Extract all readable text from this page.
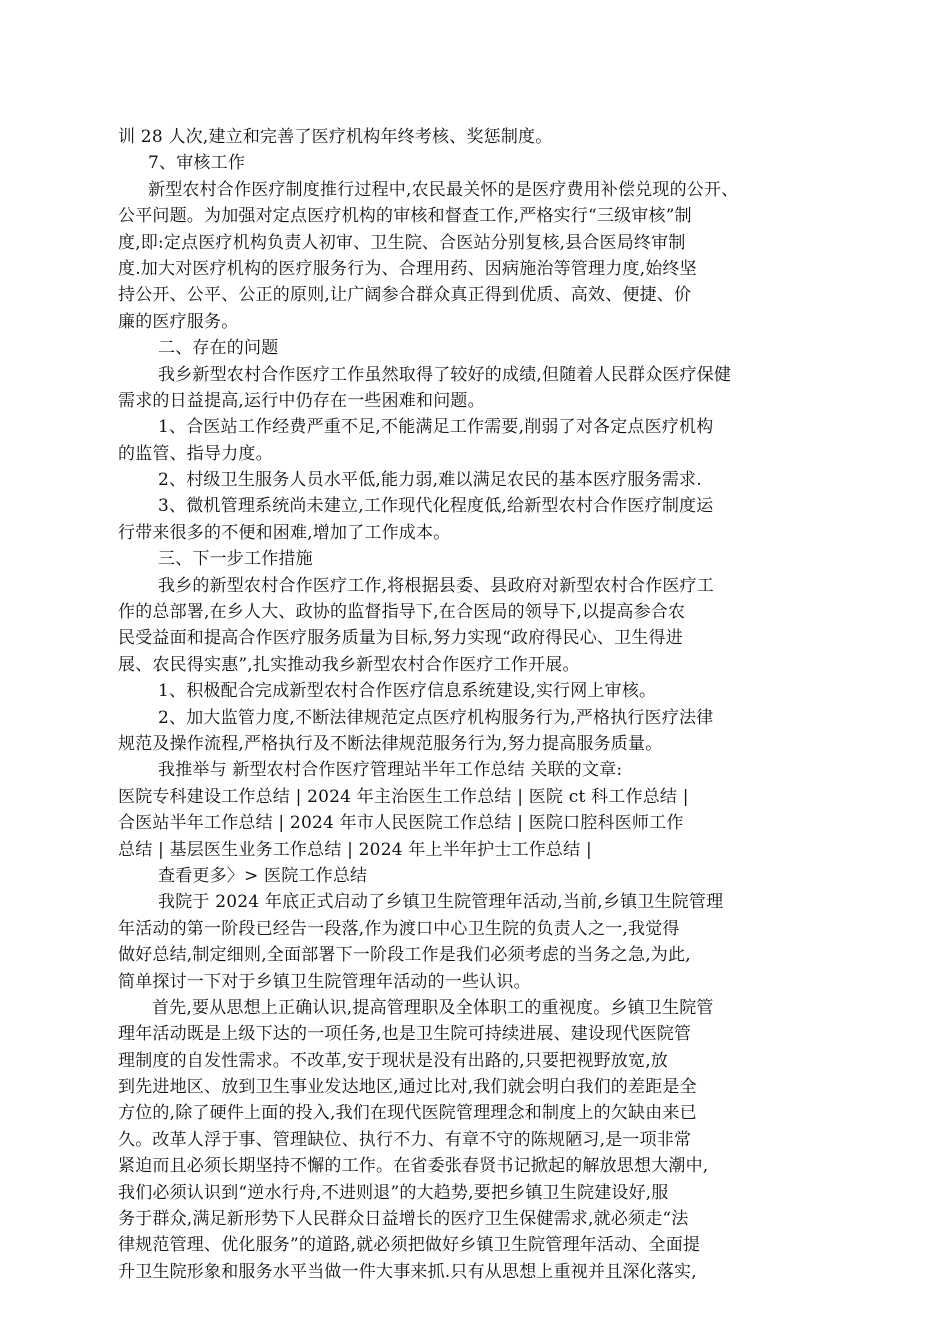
训 28 人次,建立和完善了医疗机构年终考核、奖惩制度。
7、审核工作
新型农村合作医疗制度推行过程中,农民最关怀的是医疗费用补偿兑现的公开、
公平问题。为加强对定点医疗机构的审核和督查工作,严格实行“三级审核”制
度,即:定点医疗机构负责人初审、卫生院、合医站分别复核,县合医局终审制
度.加大对医疗机构的医疗服务行为、合理用药、因病施治等管理力度,始终坚
持公开、公平、公正的原则,让广阔参合群众真正得到优质、高效、便捷、价
廉的医疗服务。
二、存在的问题
我乡新型农村合作医疗工作虽然取得了较好的成绩,但随着人民群众医疗保健
需求的日益提高,运行中仍存在一些困难和问题。
1、合医站工作经费严重不足,不能满足工作需要,削弱了对各定点医疗机构
的监管、指导力度。
2、村级卫生服务人员水平低,能力弱,难以满足农民的基本医疗服务需求.
3、微机管理系统尚未建立,工作现代化程度低,给新型农村合作医疗制度运
行带来很多的不便和困难,增加了工作成本。
三、下一步工作措施
我乡的新型农村合作医疗工作,将根据县委、县政府对新型农村合作医疗工
作的总部署,在乡人大、政协的监督指导下,在合医局的领导下,以提高参合农
民受益面和提高合作医疗服务质量为目标,努力实现“政府得民心、卫生得进
展、农民得实惠”,扎实推动我乡新型农村合作医疗工作开展。
1、积极配合完成新型农村合作医疗信息系统建设,实行网上审核。
2、加大监管力度,不断法律规范定点医疗机构服务行为,严格执行医疗法律
规范及操作流程,严格执行及不断法律规范服务行为,努力提高服务质量。
我推举与 新型农村合作医疗管理站半年工作总结 关联的文章:
医院专科建设工作总结 | 2024 年主治医生工作总结 | 医院 ct 科工作总结 |
合医站半年工作总结 | 2024 年市人民医院工作总结 | 医院口腔科医师工作
总结 | 基层医生业务工作总结 | 2024 年上半年护士工作总结 |
查看更多〉> 医院工作总结
我院于 2024 年底正式启动了乡镇卫生院管理年活动,当前,乡镇卫生院管理
年活动的第一阶段已经告一段落,作为渡口中心卫生院的负责人之一,我觉得
做好总结,制定细则,全面部署下一阶段工作是我们必须考虑的当务之急,为此,
简单探讨一下对于乡镇卫生院管理年活动的一些认识。
首先,要从思想上正确认识,提高管理职及全体职工的重视度。乡镇卫生院管
理年活动既是上级下达的一项任务,也是卫生院可持续进展、建设现代医院管
理制度的自发性需求。不改革,安于现状是没有出路的,只要把视野放宽,放
到先进地区、放到卫生事业发达地区,通过比对,我们就会明白我们的差距是全
方位的,除了硬件上面的投入,我们在现代医院管理理念和制度上的欠缺由来已
久。改革人浮于事、管理缺位、执行不力、有章不守的陈规陋习,是一项非常
紧迫而且必须长期坚持不懈的工作。在省委张春贤书记掀起的解放思想大潮中,
我们必须认识到“逆水行舟,不进则退”的大趋势,要把乡镇卫生院建设好,服
务于群众,满足新形势下人民群众日益增长的医疗卫生保健需求,就必须走“法
律规范管理、优化服务”的道路,就必须把做好乡镇卫生院管理年活动、全面提
升卫生院形象和服务水平当做一件大事来抓.只有从思想上重视并且深化落实,
